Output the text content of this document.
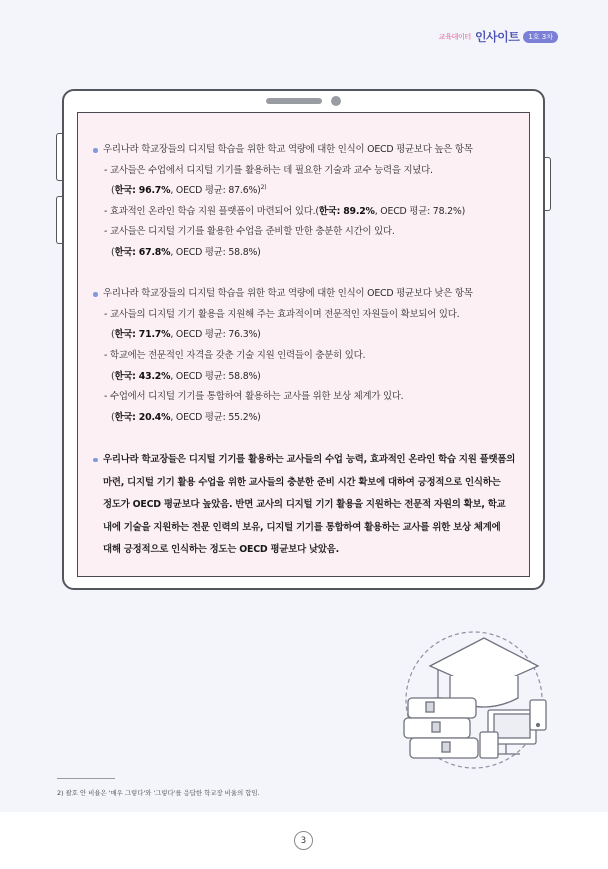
교육데이터 인사이트	1호 3차
우리나라 학교장들의 디지털 학습을 위한 학교 역량에 대한 인식이 OECD 평균보다 높은 항목
- 교사들은 수업에서 디지털 기기를 활용하는 데 필요한 기술과 교수 능력을 지녔다.
(한국: 96.7%, OECD 평균: 87.6%)$^{2)}$
- 효과적인 온라인 학습 지원 플랫폼이 마련되어 있다.(한국: 89.2%, OECD 평균: 78.2%)
- 교사들은 디지털 기기를 활용한 수업을 준비할 만한 충분한 시간이 있다.
(한국: 67.8%, OECD 평균: 58.8%)
우리나라 학교장들의 디지털 학습을 위한 학교 역량에 대한 인식이 OECD 평균보다 낮은 항목
- 교사들의 디지털 기기 활용을 지원해 주는 효과적이며 전문적인 자원들이 확보되어 있다.
(한국: 71.7%, OECD 평균: 76.3%)
- 학교에는 전문적인 자격을 갖춘 기술 지원 인력들이 충분히 있다.
(한국: 43.2%, OECD 평균: 58.8%)
- 수업에서 디지털 기기를 통합하여 활용하는 교사를 위한 보상 체계가 있다.
(한국: 20.4%, OECD 평균: 55.2%)
우리나라 학교장들은 디지털 기기를 활용하는 교사들의 수업 능력, 효과적인 온라인 학습 지원 플랫폼의
마련, 디지털 기기 활용 수업을 위한 교사들의 충분한 준비 시간 확보에 대하여 긍정적으로 인식하는
정도가 OECD 평균보다 높았음. 반면 교사의 디지털 기기 활용을 지원하는 전문적 자원의 확보, 학교
내에 기술을 지원하는 전문 인력의 보유, 디지털 기기를 통합하여 활용하는 교사를 위한 보상 체계에
대해 긍정적으로 인식하는 정도는 OECD 평균보다 낮았음.
2) 괄호 안 비율은 '매우 그렇다'와 '그렇다'를 응답한 학교장 비율의 합임.
3
